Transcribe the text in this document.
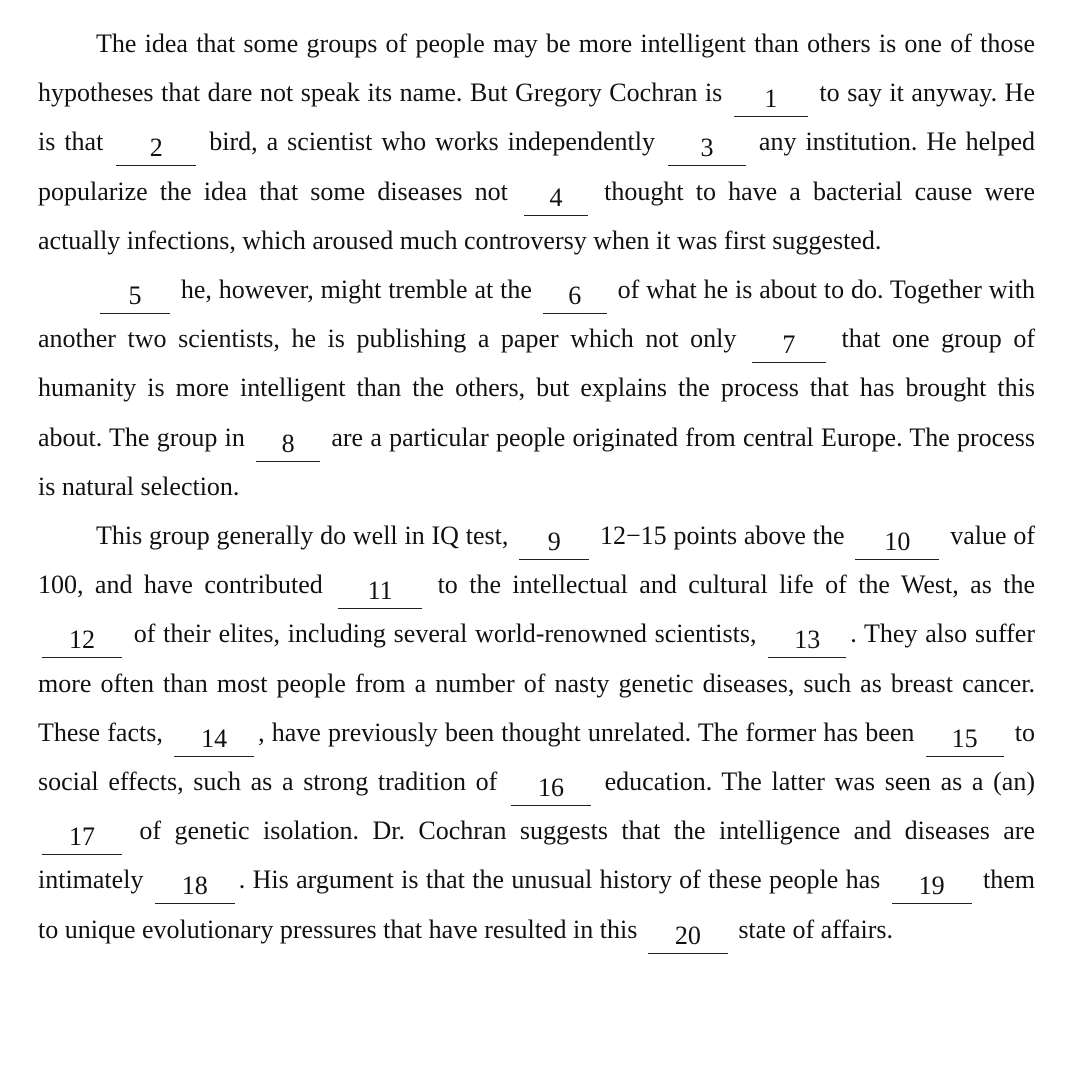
The idea that some groups of people may be more intelligent than others is one of those hypotheses that dare not speak its name. But Gregory Cochran is 1 to say it anyway. He is that 2 bird, a scientist who works independently 3 any institution. He helped popularize the idea that some diseases not 4 thought to have a bacterial cause were actually infections, which aroused much controversy when it was first suggested.

5 he, however, might tremble at the 6 of what he is about to do. Together with another two scientists, he is publishing a paper which not only 7 that one group of humanity is more intelligent than the others, but explains the process that has brought this about. The group in 8 are a particular people originated from central Europe. The process is natural selection.

This group generally do well in IQ test, 9 12−15 points above the 10 value of 100, and have contributed 11 to the intellectual and cultural life of the West, as the 12 of their elites, including several world-renowned scientists, 13 . They also suffer more often than most people from a number of nasty genetic diseases, such as breast cancer. These facts, 14 , have previously been thought unrelated. The former has been 15 to social effects, such as a strong tradition of 16 education. The latter was seen as a (an) 17 of genetic isolation. Dr. Cochran suggests that the intelligence and diseases are intimately 18 . His argument is that the unusual history of these people has 19 them to unique evolutionary pressures that have resulted in this 20 state of affairs.
